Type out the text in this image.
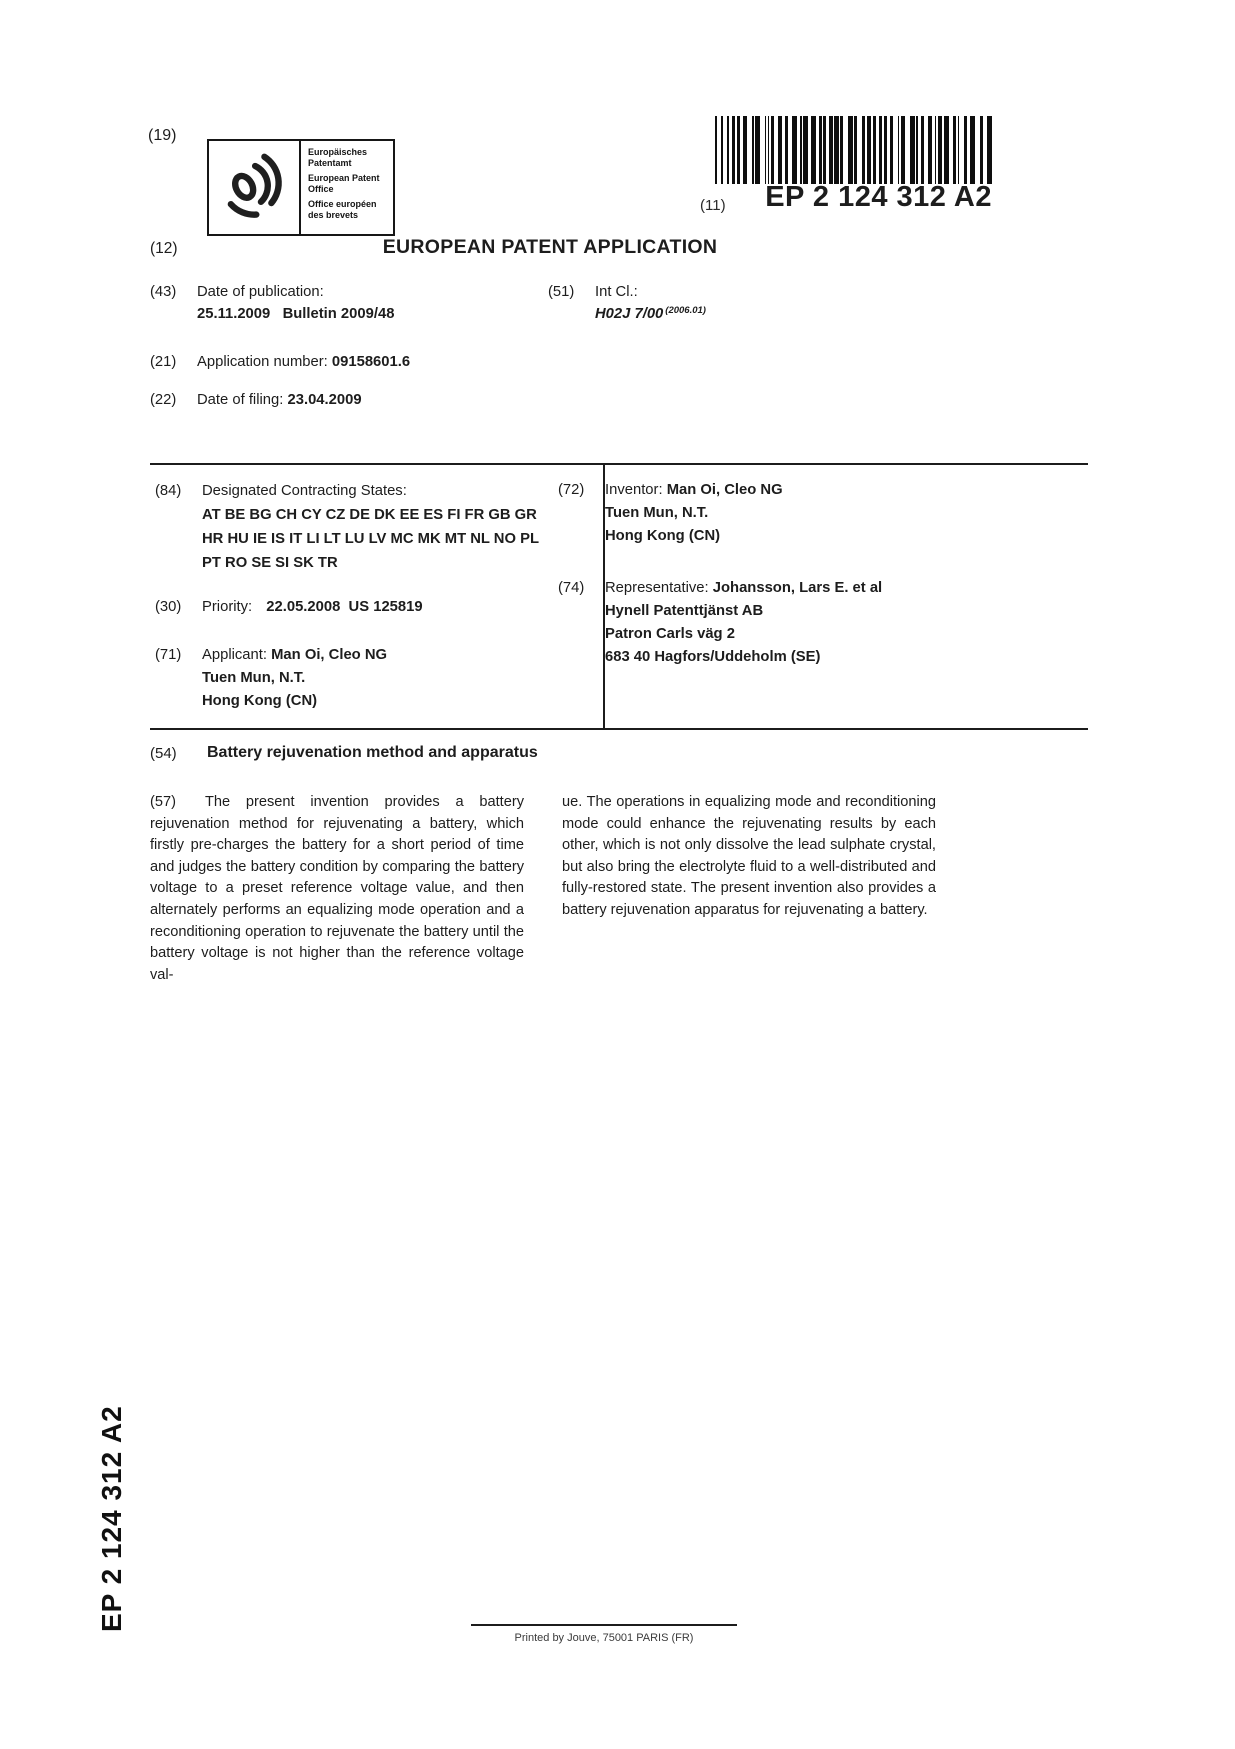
EP 2 124 312 A2
(19)
Europäisches Patentamt
European Patent Office
Office européen des brevets
(11)	EP 2 124 312 A2
(12)	EUROPEAN PATENT APPLICATION
(43)	Date of publication:
25.11.2009   Bulletin 2009/48
(51)	Int Cl.:
H02J 7/00 $^{(2006.01)}$
(21)	Application number: 09158601.6
(22)	Date of filing: 23.04.2009
(84)	Designated Contracting States:
AT BE BG CH CY CZ DE DK EE ES FI FR GB GR
HR HU IE IS IT LI LT LU LV MC MK MT NL NO PL
PT RO SE SI SK TR
(30)	Priority: 22.05.2008  US 125819
(71)	Applicant: Man Oi, Cleo NG
Tuen Mun, N.T.
Hong Kong (CN)
(72)	Inventor: Man Oi, Cleo NG
Tuen Mun, N.T.
Hong Kong (CN)
(74)	Representative: Johansson, Lars E. et al
Hynell Patenttjänst AB
Patron Carls väg 2
683 40 Hagfors/Uddeholm (SE)
(54)	Battery rejuvenation method and apparatus
(57) The present invention provides a battery rejuvenation method for rejuvenating a battery, which firstly pre-charges the battery for a short period of time and judges the battery condition by comparing the battery voltage to a preset reference voltage value, and then alternately performs an equalizing mode operation and a reconditioning operation to rejuvenate the battery until the battery voltage is not higher than the reference voltage val-
ue. The operations in equalizing mode and reconditioning mode could enhance the rejuvenating results by each other, which is not only dissolve the lead sulphate crystal, but also bring the electrolyte fluid to a well-distributed and fully-restored state. The present invention also provides a battery rejuvenation apparatus for rejuvenating a battery.
Printed by Jouve, 75001 PARIS (FR)
